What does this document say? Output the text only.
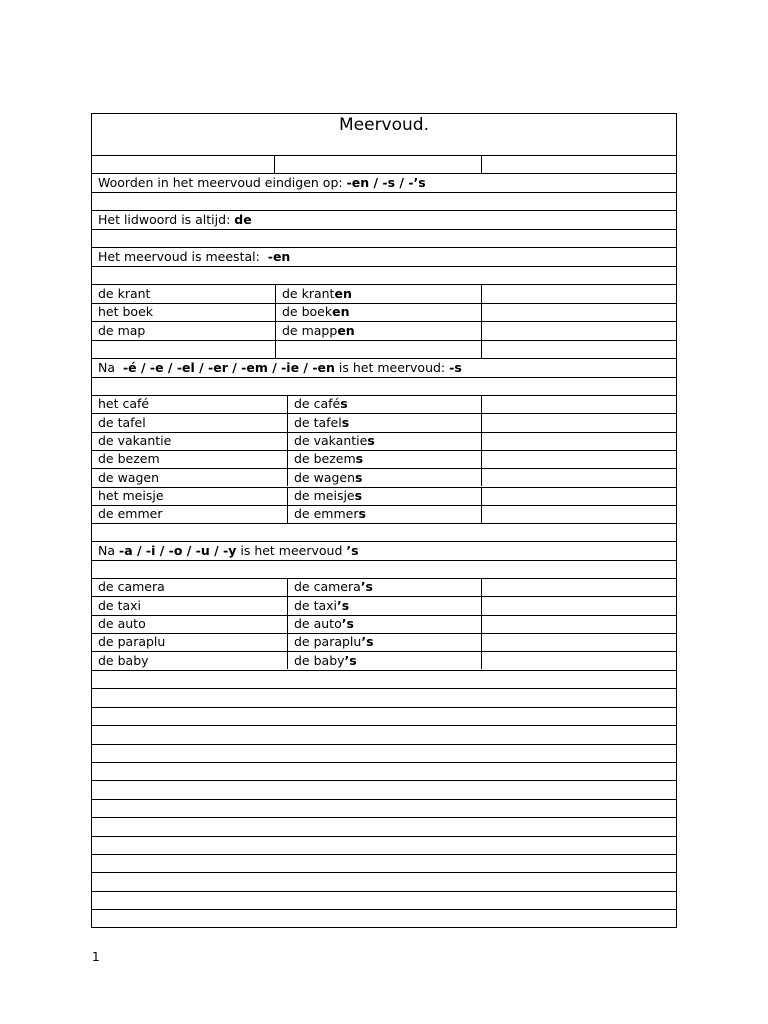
Meervoud.
Woorden in het meervoud eindigen op:
-en / -s / -’s
Het lidwoord is altijd:
de
Het meervoud is meestal:
-en
de krant	de krant en
het boek	de boek en
de map	de mapp en
Na
-é / -e / -el / -er / -em / -ie / -en
is het meervoud:
-s
het café	de café s
de tafel	de tafel s
de vakantie	de vakantie s
de bezem	de bezem s
de wagen	de wagen s
het meisje	de meisje s
de emmer	de emmer s
Na
-a / -i / -o / -u / -y
is het meervoud
’s
de camera	de camera ’s
de taxi	de taxi ’s
de auto	de auto ’s
de paraplu	de paraplu ’s
de baby	de baby ’s
1
